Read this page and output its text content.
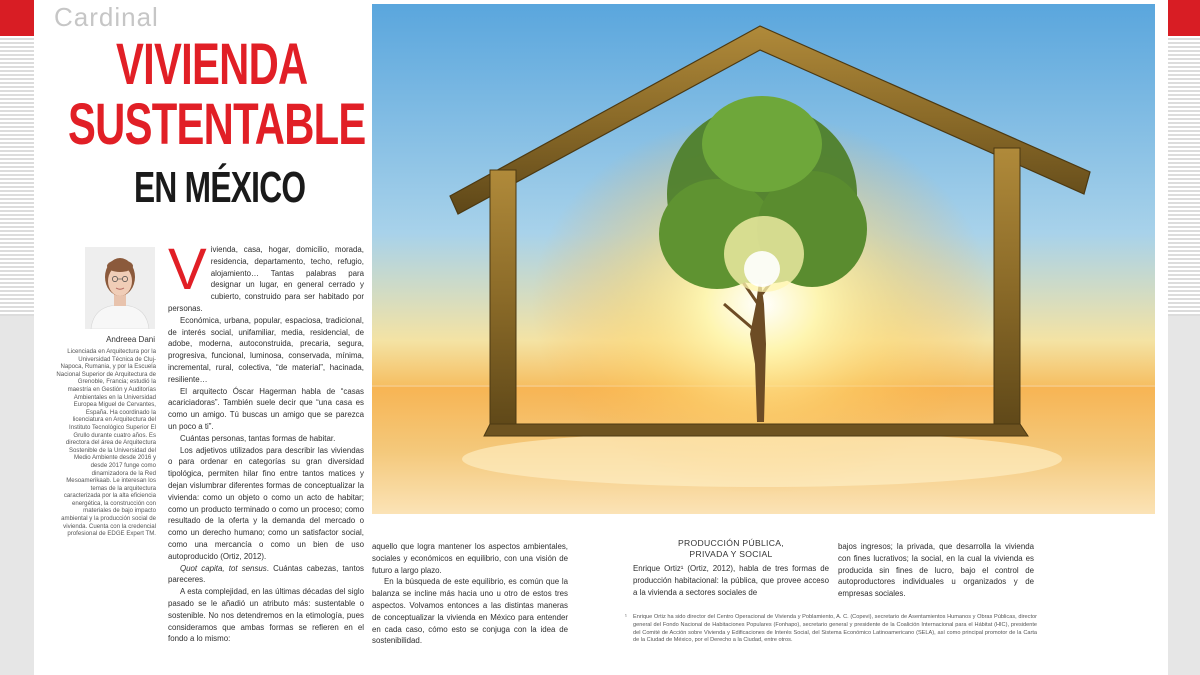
Cardinal
VIVIENDA
SUSTENTABLE
EN MÉXICO
Andreea Dani

Licenciada en Arquitectura por la Universidad Técnica de Cluj-Napoca, Rumania, y por la Escuela Nacional Superior de Arquitectura de Grenoble, Francia; estudió la maestría en Gestión y Auditorías Ambientales en la Universidad Europea Miguel de Cervantes, España. Ha coordinado la licenciatura en Arquitectura del Instituto Tecnológico Superior El Grullo durante cuatro años. Es directora del área de Arquitectura Sostenible de la Universidad del Medio Ambiente desde 2016 y desde 2017 funge como dinamizadora de la Red Mesoamerikaab. Le interesan los temas de la arquitectura caracterizada por la alta eficiencia energética, la construcción con materiales de bajo impacto ambiental y la producción social de vivienda. Cuenta con la credencial profesional de EDGE Expert TM.

V ivienda, casa, hogar, domicilio, morada, residencia, departamento, techo, refugio, alojamiento… Tantas palabras para designar un lugar, en general cerrado y cubierto, construido para ser habitado por personas.

Económica, urbana, popular, espaciosa, tradicional, de interés social, unifamiliar, media, residencial, de adobe, moderna, autoconstruida, precaria, segura, progresiva, funcional, luminosa, conservada, mínima, incremental, rural, colectiva, “de material”, hacinada, resiliente…

El arquitecto Óscar Hagerman habla de “casas acariciadoras”. También suele decir que “una casa es como un amigo. Tú buscas un amigo que se parezca un poco a ti”.

Cuántas personas, tantas formas de habitar.

Los adjetivos utilizados para describir las viviendas o para ordenar en categorías su gran diversidad tipológica, permiten hilar fino entre tantos matices y dejan vislumbrar diferentes formas de conceptualizar la vivienda: como un objeto o como un acto de habitar; como un producto terminado o como un proceso; como resultado de la oferta y la demanda del mercado o como un derecho humano; como un satisfactor social, como una mercancía o como un bien de uso autoproducido (Ortiz, 2012).

Quot capita, tot sensus. Cuántas cabezas, tantos pareceres.

A esta complejidad, en las últimas décadas del siglo pasado se le añadió un atributo más: sustentable o sostenible. No nos detendremos en la etimología, pues consideramos que ambas formas se refieren en el fondo a lo mismo:

aquello que logra mantener los aspectos ambientales, sociales y económicos en equilibrio, con una visión de futuro a largo plazo.

En la búsqueda de este equilibrio, es común que la balanza se incline más hacia uno u otro de estos tres aspectos. Volvamos entonces a las distintas maneras de conceptualizar la vivienda en México para entender en cada caso, cómo esto se conjuga con la idea de sostenibilidad.

PRODUCCIÓN PÚBLICA,
PRIVADA Y SOCIAL

Enrique Ortiz¹ (Ortiz, 2012), habla de tres formas de producción habitacional: la pública, que provee acceso a la vivienda a sectores sociales de

bajos ingresos; la privada, que desarrolla la vivienda con fines lucrativos; la social, en la cual la vivienda es producida sin fines de lucro, bajo el control de autoproductores individuales u organizados y de empresas sociales.

¹ Enrique Ortiz ha sido director del Centro Operacional de Vivienda y Poblamiento, A. C. (Copevi), secretario de Asentamientos Humanos y Obras Públicas, director general del Fondo Nacional de Habitaciones Populares (Fonhapo), secretario general y presidente de la Coalición Internacional para el Hábitat (HIC), presidente del Comité de Acción sobre Vivienda y Edificaciones de Interés Social, del Sistema Económico Latinoamericano (SELA), así como principal promotor de la Carta de la Ciudad de México, por el Derecho a la Ciudad, entre otros.
